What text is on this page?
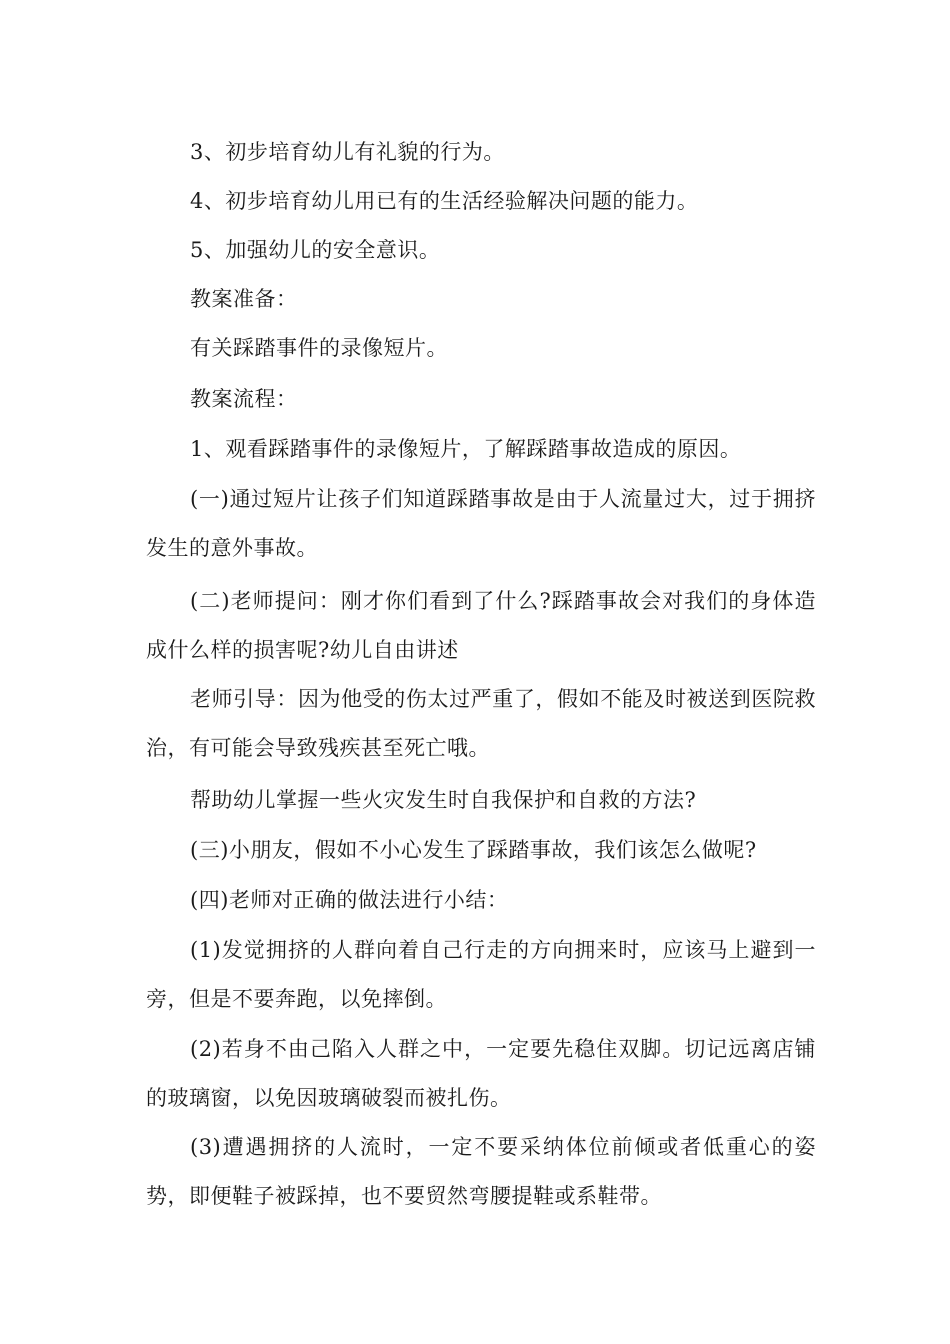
3、初步培育幼儿有礼貌的行为。

4、初步培育幼儿用已有的生活经验解决问题的能力。

5、加强幼儿的安全意识。

教案准备：

有关踩踏事件的录像短片。

教案流程：

1、观看踩踏事件的录像短片，了解踩踏事故造成的原因。

(一)通过短片让孩子们知道踩踏事故是由于人流量过大，过于拥挤发生的意外事故。

(二)老师提问：刚才你们看到了什么?踩踏事故会对我们的身体造成什么样的损害呢?幼儿自由讲述

老师引导：因为他受的伤太过严重了，假如不能及时被送到医院救治，有可能会导致残疾甚至死亡哦。

帮助幼儿掌握一些火灾发生时自我保护和自救的方法?

(三)小朋友，假如不小心发生了踩踏事故，我们该怎么做呢?

(四)老师对正确的做法进行小结：

(1)发觉拥挤的人群向着自己行走的方向拥来时，应该马上避到一旁，但是不要奔跑，以免摔倒。

(2)若身不由己陷入人群之中，一定要先稳住双脚。切记远离店铺的玻璃窗，以免因玻璃破裂而被扎伤。

(3)遭遇拥挤的人流时，一定不要采纳体位前倾或者低重心的姿势，即便鞋子被踩掉，也不要贸然弯腰提鞋或系鞋带。
